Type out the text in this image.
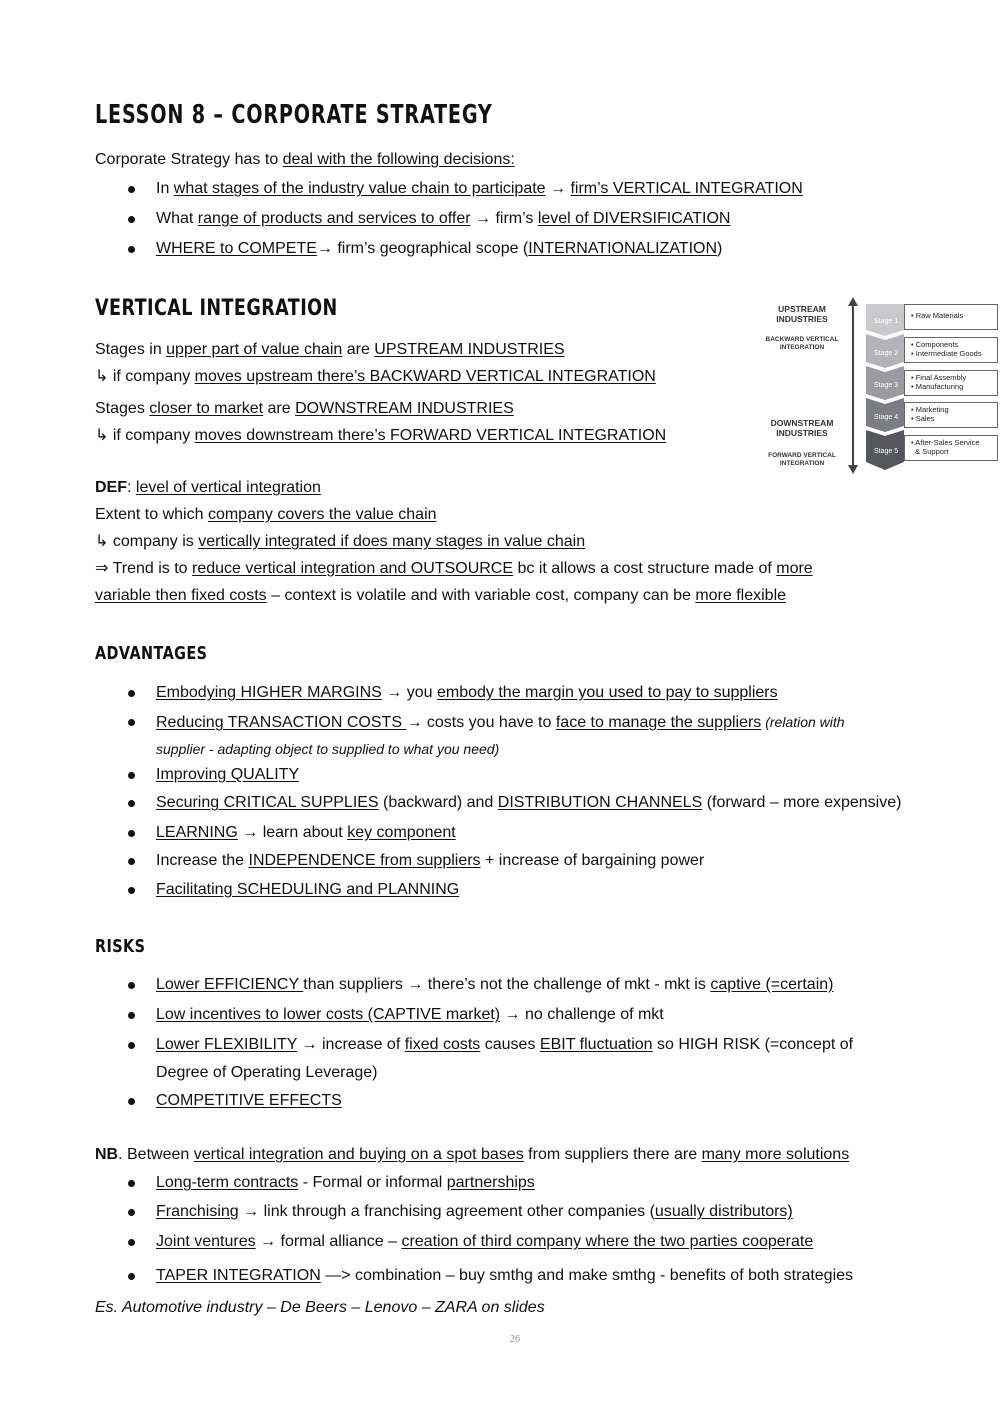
LESSON 8 – CORPORATE STRATEGY
Corporate Strategy has to deal with the following decisions:
In what stages of the industry value chain to participate → firm’s VERTICAL INTEGRATION
What range of products and services to offer → firm’s level of DIVERSIFICATION
WHERE to COMPETE→ firm’s geographical scope (INTERNATIONALIZATION)
VERTICAL INTEGRATION
Stages in upper part of value chain are UPSTREAM INDUSTRIES
↳ if company moves upstream there’s BACKWARD VERTICAL INTEGRATION
Stages closer to market are DOWNSTREAM INDUSTRIES
↳ if company moves downstream there’s FORWARD VERTICAL INTEGRATION
UPSTREAM
INDUSTRIES
BACKWARD VERTICAL
INTEGRATION
DOWNSTREAM
INDUSTRIES
FORWARD VERTICAL
INTEGRATION
Stage 1
Stage 2
Stage 3
Stage 4
Stage 5
• Raw Materials
• Components
• Intermediate Goods
• Final Assembly
• Manufacturing
• Marketing
• Sales
• After-Sales Service
& Support
DEF: level of vertical integration
Extent to which company covers the value chain
↳ company is vertically integrated if does many stages in value chain
⇒ Trend is to reduce vertical integration and OUTSOURCE bc it allows a cost structure made of more
variable then fixed costs – context is volatile and with variable cost, company can be more flexible
ADVANTAGES
Embodying HIGHER MARGINS → you embody the margin you used to pay to suppliers
Reducing TRANSACTION COSTS → costs you have to face to manage the suppliers (relation with
supplier - adapting object to supplied to what you need)
Improving QUALITY
Securing CRITICAL SUPPLIES (backward) and DISTRIBUTION CHANNELS (forward – more expensive)
LEARNING → learn about key component
Increase the INDEPENDENCE from suppliers + increase of bargaining power
Facilitating SCHEDULING and PLANNING
RISKS
Lower EFFICIENCY than suppliers → there’s not the challenge of mkt - mkt is captive (=certain)
Low incentives to lower costs (CAPTIVE market) → no challenge of mkt
Lower FLEXIBILITY → increase of fixed costs causes EBIT fluctuation so HIGH RISK (=concept of
Degree of Operating Leverage)
COMPETITIVE EFFECTS
NB. Between vertical integration and buying on a spot bases from suppliers there are many more solutions
Long-term contracts - Formal or informal partnerships
Franchising → link through a franchising agreement other companies (usually distributors)
Joint ventures → formal alliance – creation of third company where the two parties cooperate
TAPER INTEGRATION —> combination – buy smthg and make smthg - benefits of both strategies
Es. Automotive industry – De Beers – Lenovo – ZARA on slides
26
